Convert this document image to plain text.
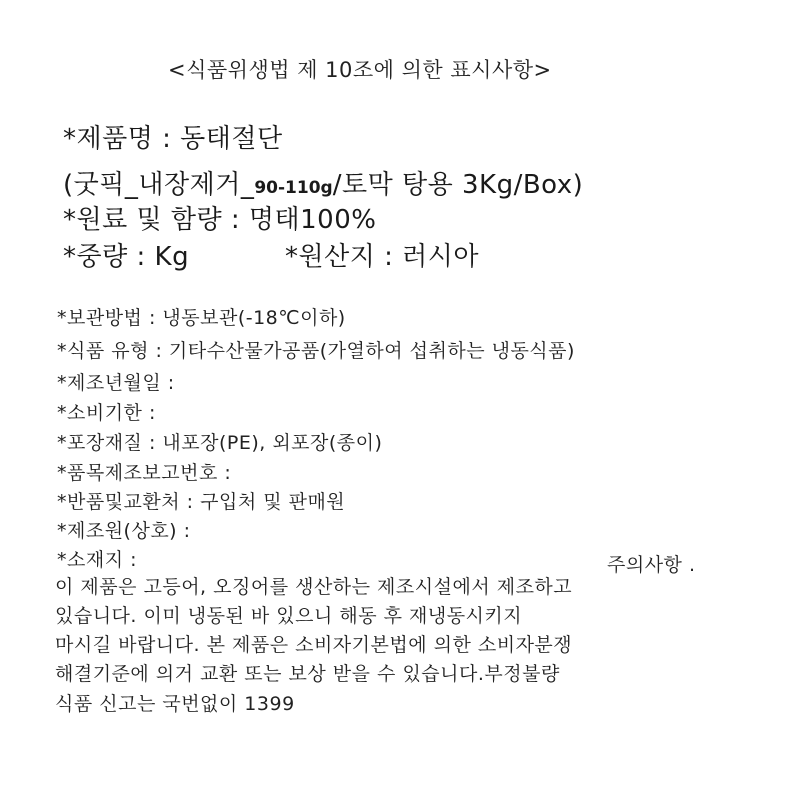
<식품위생법 제 10조에 의한 표시사항>
*제품명 : 동태절단
(굿픽_내장제거_90-110g/토막 탕용 3Kg/Box)
*원료 및 함량 : 명태100%
*중량 : Kg	*원산지 : 러시아
*보관방법 : 냉동보관(-18℃이하)
*식품 유형 : 기타수산물가공품(가열하여 섭취하는 냉동식품)
*제조년월일 :
*소비기한 :
*포장재질 : 내포장(PE), 외포장(종이)
*품목제조보고번호 :
*반품및교환처 : 구입처 및 판매원
*제조원(상호) :
*소재지 :	주의사항 .
이 제품은 고등어, 오징어를 생산하는 제조시설에서 제조하고
있습니다. 이미 냉동된 바 있으니 해동 후 재냉동시키지
마시길 바랍니다. 본 제품은 소비자기본법에 의한 소비자분쟁
해결기준에 의거 교환 또는 보상 받을 수 있습니다.부정불량
식품 신고는 국번없이 1399
